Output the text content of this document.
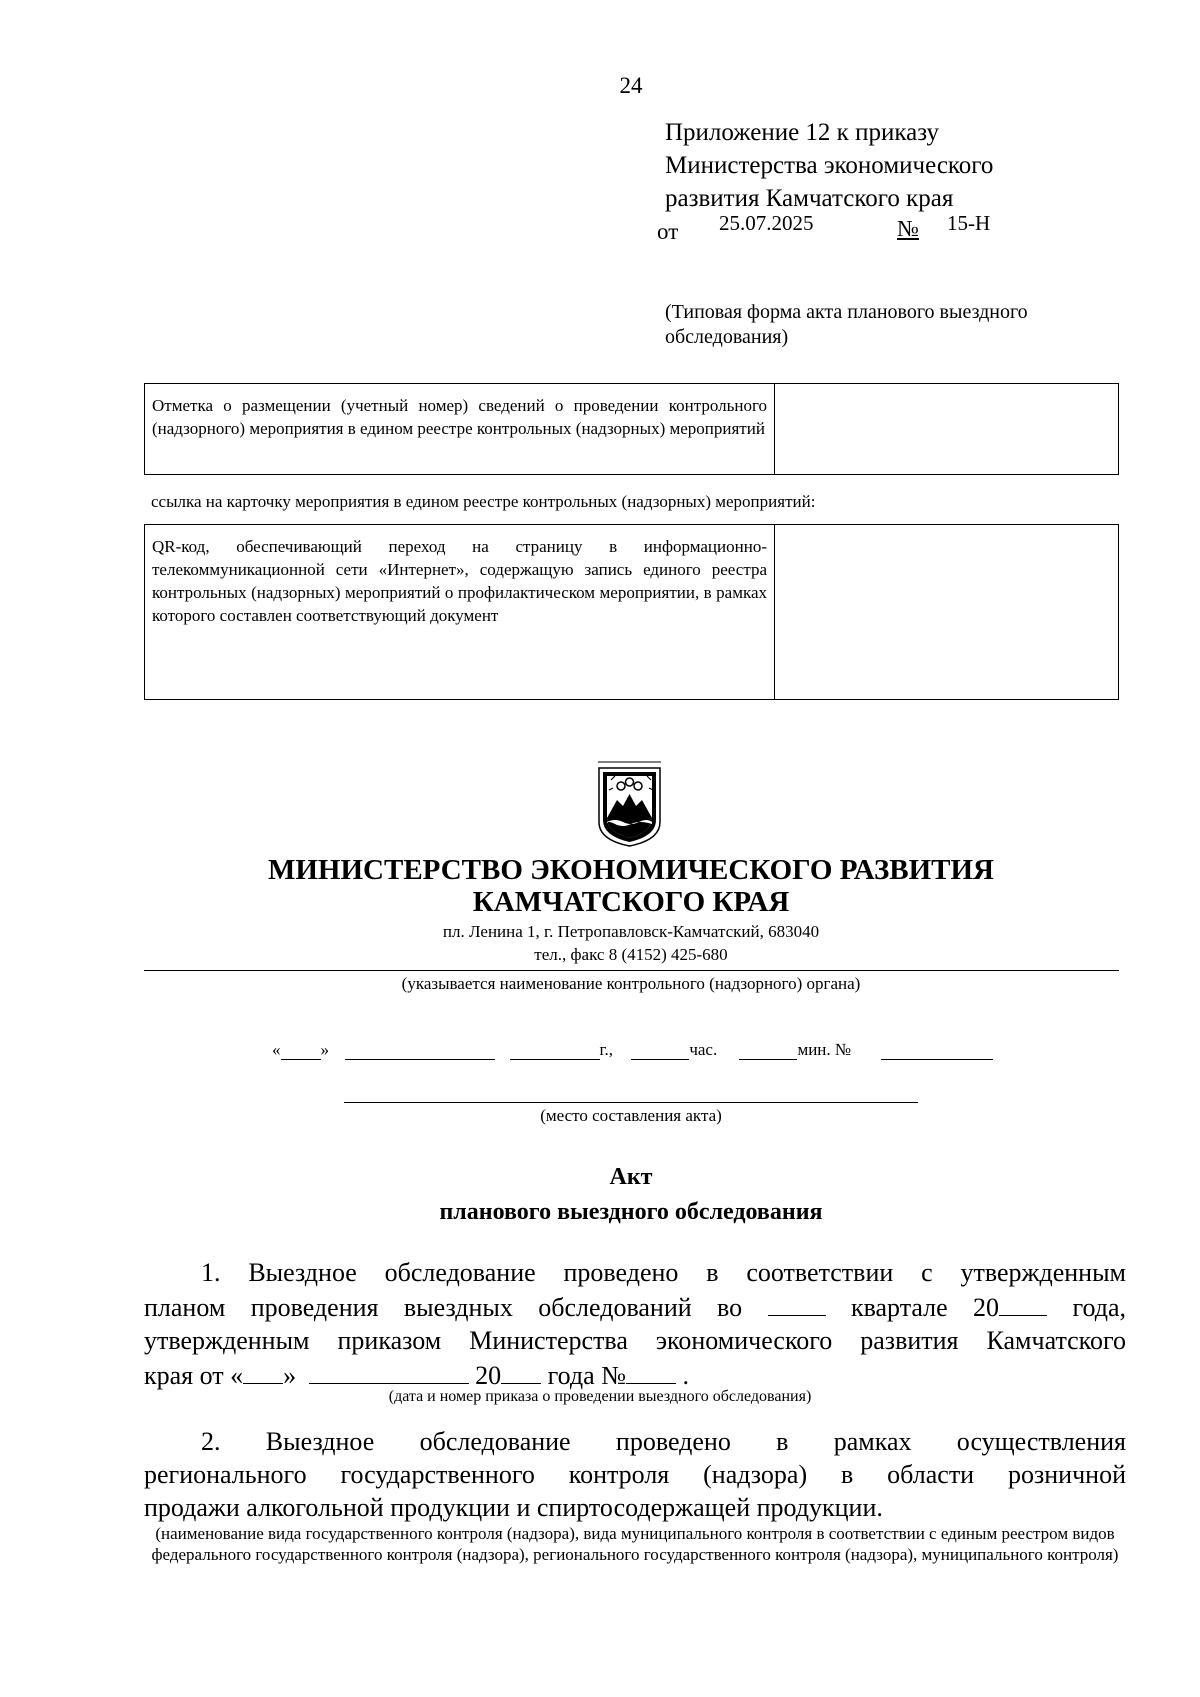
24
Приложение 12 к приказу
Министерства экономического
развития Камчатского края
от 25.07.2025	№ 15-Н
(Типовая форма акта планового выездного обследования)
Отметка о размещении (учетный номер) сведений о проведении контрольного (надзорного) мероприятия в едином реестре контрольных (надзорных) мероприятий
ссылка на карточку мероприятия в едином реестре контрольных (надзорных) мероприятий:
QR-код, обеспечивающий переход на страницу в информационно-телекоммуникационной сети «Интернет», содержащую запись единого реестра контрольных (надзорных) мероприятий о профилактическом мероприятии, в рамках которого составлен соответствующий документ
МИНИСТЕРСТВО ЭКОНОМИЧЕСКОГО РАЗВИТИЯ
КАМЧАТСКОГО КРАЯ
пл. Ленина 1, г. Петропавловск-Камчатский, 683040
тел., факс 8 (4152) 425-680
(указывается наименование контрольного (надзорного) органа)
« »	г.,	час.	мин. №
(место составления акта)
Акт
планового выездного обследования
1. Выездное обследование проведено в соответствии с утвержденным
планом проведения выездных обследований во	квартале 20	года,
утвержденным приказом Министерства экономического развития Камчатского
края от « »	20 года № .
(дата и номер приказа о проведении выездного обследования)
2. Выездное обследование проведено в рамках осуществления
регионального государственного контроля (надзора) в области розничной
продажи алкогольной продукции и спиртосодержащей продукции.
(наименование вида государственного контроля (надзора), вида муниципального контроля в соответствии с единым реестром видов федерального государственного контроля (надзора), регионального государственного контроля (надзора), муниципального контроля)
